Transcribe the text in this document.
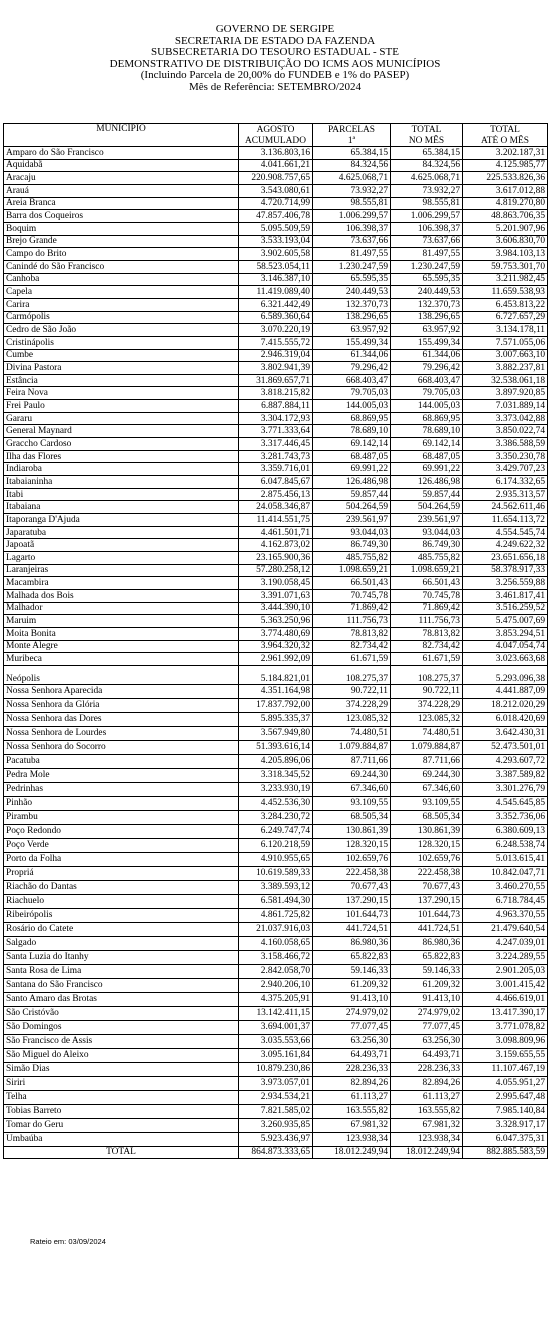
GOVERNO DE SERGIPE
SECRETARIA DE ESTADO DA FAZENDA
SUBSECRETARIA DO TESOURO ESTADUAL - STE
DEMONSTRATIVO DE DISTRIBUIÇÃO DO ICMS AOS MUNICÍPIOS
(Incluindo Parcela de 20,00% do FUNDEB e 1% do PASEP)
Mês de Referência: SETEMBRO/2024
MUNICÍPIO	AGOSTO	PARCELAS	TOTAL	TOTAL
	ACUMULADO	1ª	NO MÊS	ATÉ O MÊS
Amparo do São Francisco	3.136.803,16	65.384,15	65.384,15	3.202.187,31
Aquidabã	4.041.661,21	84.324,56	84.324,56	4.125.985,77
Aracaju	220.908.757,65	4.625.068,71	4.625.068,71	225.533.826,36
Arauá	3.543.080,61	73.932,27	73.932,27	3.617.012,88
Areia Branca	4.720.714,99	98.555,81	98.555,81	4.819.270,80
Barra dos Coqueiros	47.857.406,78	1.006.299,57	1.006.299,57	48.863.706,35
Boquim	5.095.509,59	106.398,37	106.398,37	5.201.907,96
Brejo Grande	3.533.193,04	73.637,66	73.637,66	3.606.830,70
Campo do Brito	3.902.605,58	81.497,55	81.497,55	3.984.103,13
Canindé do São Francisco	58.523.054,11	1.230.247,59	1.230.247,59	59.753.301,70
Canhoba	3.146.387,10	65.595,35	65.595,35	3.211.982,45
Capela	11.419.089,40	240.449,53	240.449,53	11.659.538,93
Carira	6.321.442,49	132.370,73	132.370,73	6.453.813,22
Carmópolis	6.589.360,64	138.296,65	138.296,65	6.727.657,29
Cedro de São João	3.070.220,19	63.957,92	63.957,92	3.134.178,11
Cristinápolis	7.415.555,72	155.499,34	155.499,34	7.571.055,06
Cumbe	2.946.319,04	61.344,06	61.344,06	3.007.663,10
Divina Pastora	3.802.941,39	79.296,42	79.296,42	3.882.237,81
Estância	31.869.657,71	668.403,47	668.403,47	32.538.061,18
Feira Nova	3.818.215,82	79.705,03	79.705,03	3.897.920,85
Frei Paulo	6.887.884,11	144.005,03	144.005,03	7.031.889,14
Gararu	3.304.172,93	68.869,95	68.869,95	3.373.042,88
General Maynard	3.771.333,64	78.689,10	78.689,10	3.850.022,74
Graccho Cardoso	3.317.446,45	69.142,14	69.142,14	3.386.588,59
Ilha das Flores	3.281.743,73	68.487,05	68.487,05	3.350.230,78
Indiaroba	3.359.716,01	69.991,22	69.991,22	3.429.707,23
Itabaianinha	6.047.845,67	126.486,98	126.486,98	6.174.332,65
Itabi	2.875.456,13	59.857,44	59.857,44	2.935.313,57
Itabaiana	24.058.346,87	504.264,59	504.264,59	24.562.611,46
Itaporanga D'Ajuda	11.414.551,75	239.561,97	239.561,97	11.654.113,72
Japaratuba	4.461.501,71	93.044,03	93.044,03	4.554.545,74
Japoatã	4.162.873,02	86.749,30	86.749,30	4.249.622,32
Lagarto	23.165.900,36	485.755,82	485.755,82	23.651.656,18
Laranjeiras	57.280.258,12	1.098.659,21	1.098.659,21	58.378.917,33
Macambira	3.190.058,45	66.501,43	66.501,43	3.256.559,88
Malhada dos Bois	3.391.071,63	70.745,78	70.745,78	3.461.817,41
Malhador	3.444.390,10	71.869,42	71.869,42	3.516.259,52
Maruim	5.363.250,96	111.756,73	111.756,73	5.475.007,69
Moita Bonita	3.774.480,69	78.813,82	78.813,82	3.853.294,51
Monte Alegre	3.964.320,32	82.734,42	82.734,42	4.047.054,74
Muribeca	2.961.992,09	61.671,59	61.671,59	3.023.663,68
Neópolis	5.184.821,01	108.275,37	108.275,37	5.293.096,38
Nossa Senhora Aparecida	4.351.164,98	90.722,11	90.722,11	4.441.887,09
Nossa Senhora da Glória	17.837.792,00	374.228,29	374.228,29	18.212.020,29
Nossa Senhora das Dores	5.895.335,37	123.085,32	123.085,32	6.018.420,69
Nossa Senhora de Lourdes	3.567.949,80	74.480,51	74.480,51	3.642.430,31
Nossa Senhora do Socorro	51.393.616,14	1.079.884,87	1.079.884,87	52.473.501,01
Pacatuba	4.205.896,06	87.711,66	87.711,66	4.293.607,72
Pedra Mole	3.318.345,52	69.244,30	69.244,30	3.387.589,82
Pedrinhas	3.233.930,19	67.346,60	67.346,60	3.301.276,79
Pinhão	4.452.536,30	93.109,55	93.109,55	4.545.645,85
Pirambu	3.284.230,72	68.505,34	68.505,34	3.352.736,06
Poço Redondo	6.249.747,74	130.861,39	130.861,39	6.380.609,13
Poço Verde	6.120.218,59	128.320,15	128.320,15	6.248.538,74
Porto da Folha	4.910.955,65	102.659,76	102.659,76	5.013.615,41
Propriá	10.619.589,33	222.458,38	222.458,38	10.842.047,71
Riachão do Dantas	3.389.593,12	70.677,43	70.677,43	3.460.270,55
Riachuelo	6.581.494,30	137.290,15	137.290,15	6.718.784,45
Ribeirópolis	4.861.725,82	101.644,73	101.644,73	4.963.370,55
Rosário do Catete	21.037.916,03	441.724,51	441.724,51	21.479.640,54
Salgado	4.160.058,65	86.980,36	86.980,36	4.247.039,01
Santa Luzia do Itanhy	3.158.466,72	65.822,83	65.822,83	3.224.289,55
Santa Rosa de Lima	2.842.058,70	59.146,33	59.146,33	2.901.205,03
Santana do São Francisco	2.940.206,10	61.209,32	61.209,32	3.001.415,42
Santo Amaro das Brotas	4.375.205,91	91.413,10	91.413,10	4.466.619,01
São Cristóvão	13.142.411,15	274.979,02	274.979,02	13.417.390,17
São Domingos	3.694.001,37	77.077,45	77.077,45	3.771.078,82
São Francisco de Assis	3.035.553,66	63.256,30	63.256,30	3.098.809,96
São Miguel do Aleixo	3.095.161,84	64.493,71	64.493,71	3.159.655,55
Simão Dias	10.879.230,86	228.236,33	228.236,33	11.107.467,19
Siriri	3.973.057,01	82.894,26	82.894,26	4.055.951,27
Telha	2.934.534,21	61.113,27	61.113,27	2.995.647,48
Tobias Barreto	7.821.585,02	163.555,82	163.555,82	7.985.140,84
Tomar do Geru	3.260.935,85	67.981,32	67.981,32	3.328.917,17
Umbaúba	5.923.436,97	123.938,34	123.938,34	6.047.375,31
TOTAL	864.873.333,65	18.012.249,94	18.012.249,94	882.885.583,59
Rateio em: 03/09/2024
